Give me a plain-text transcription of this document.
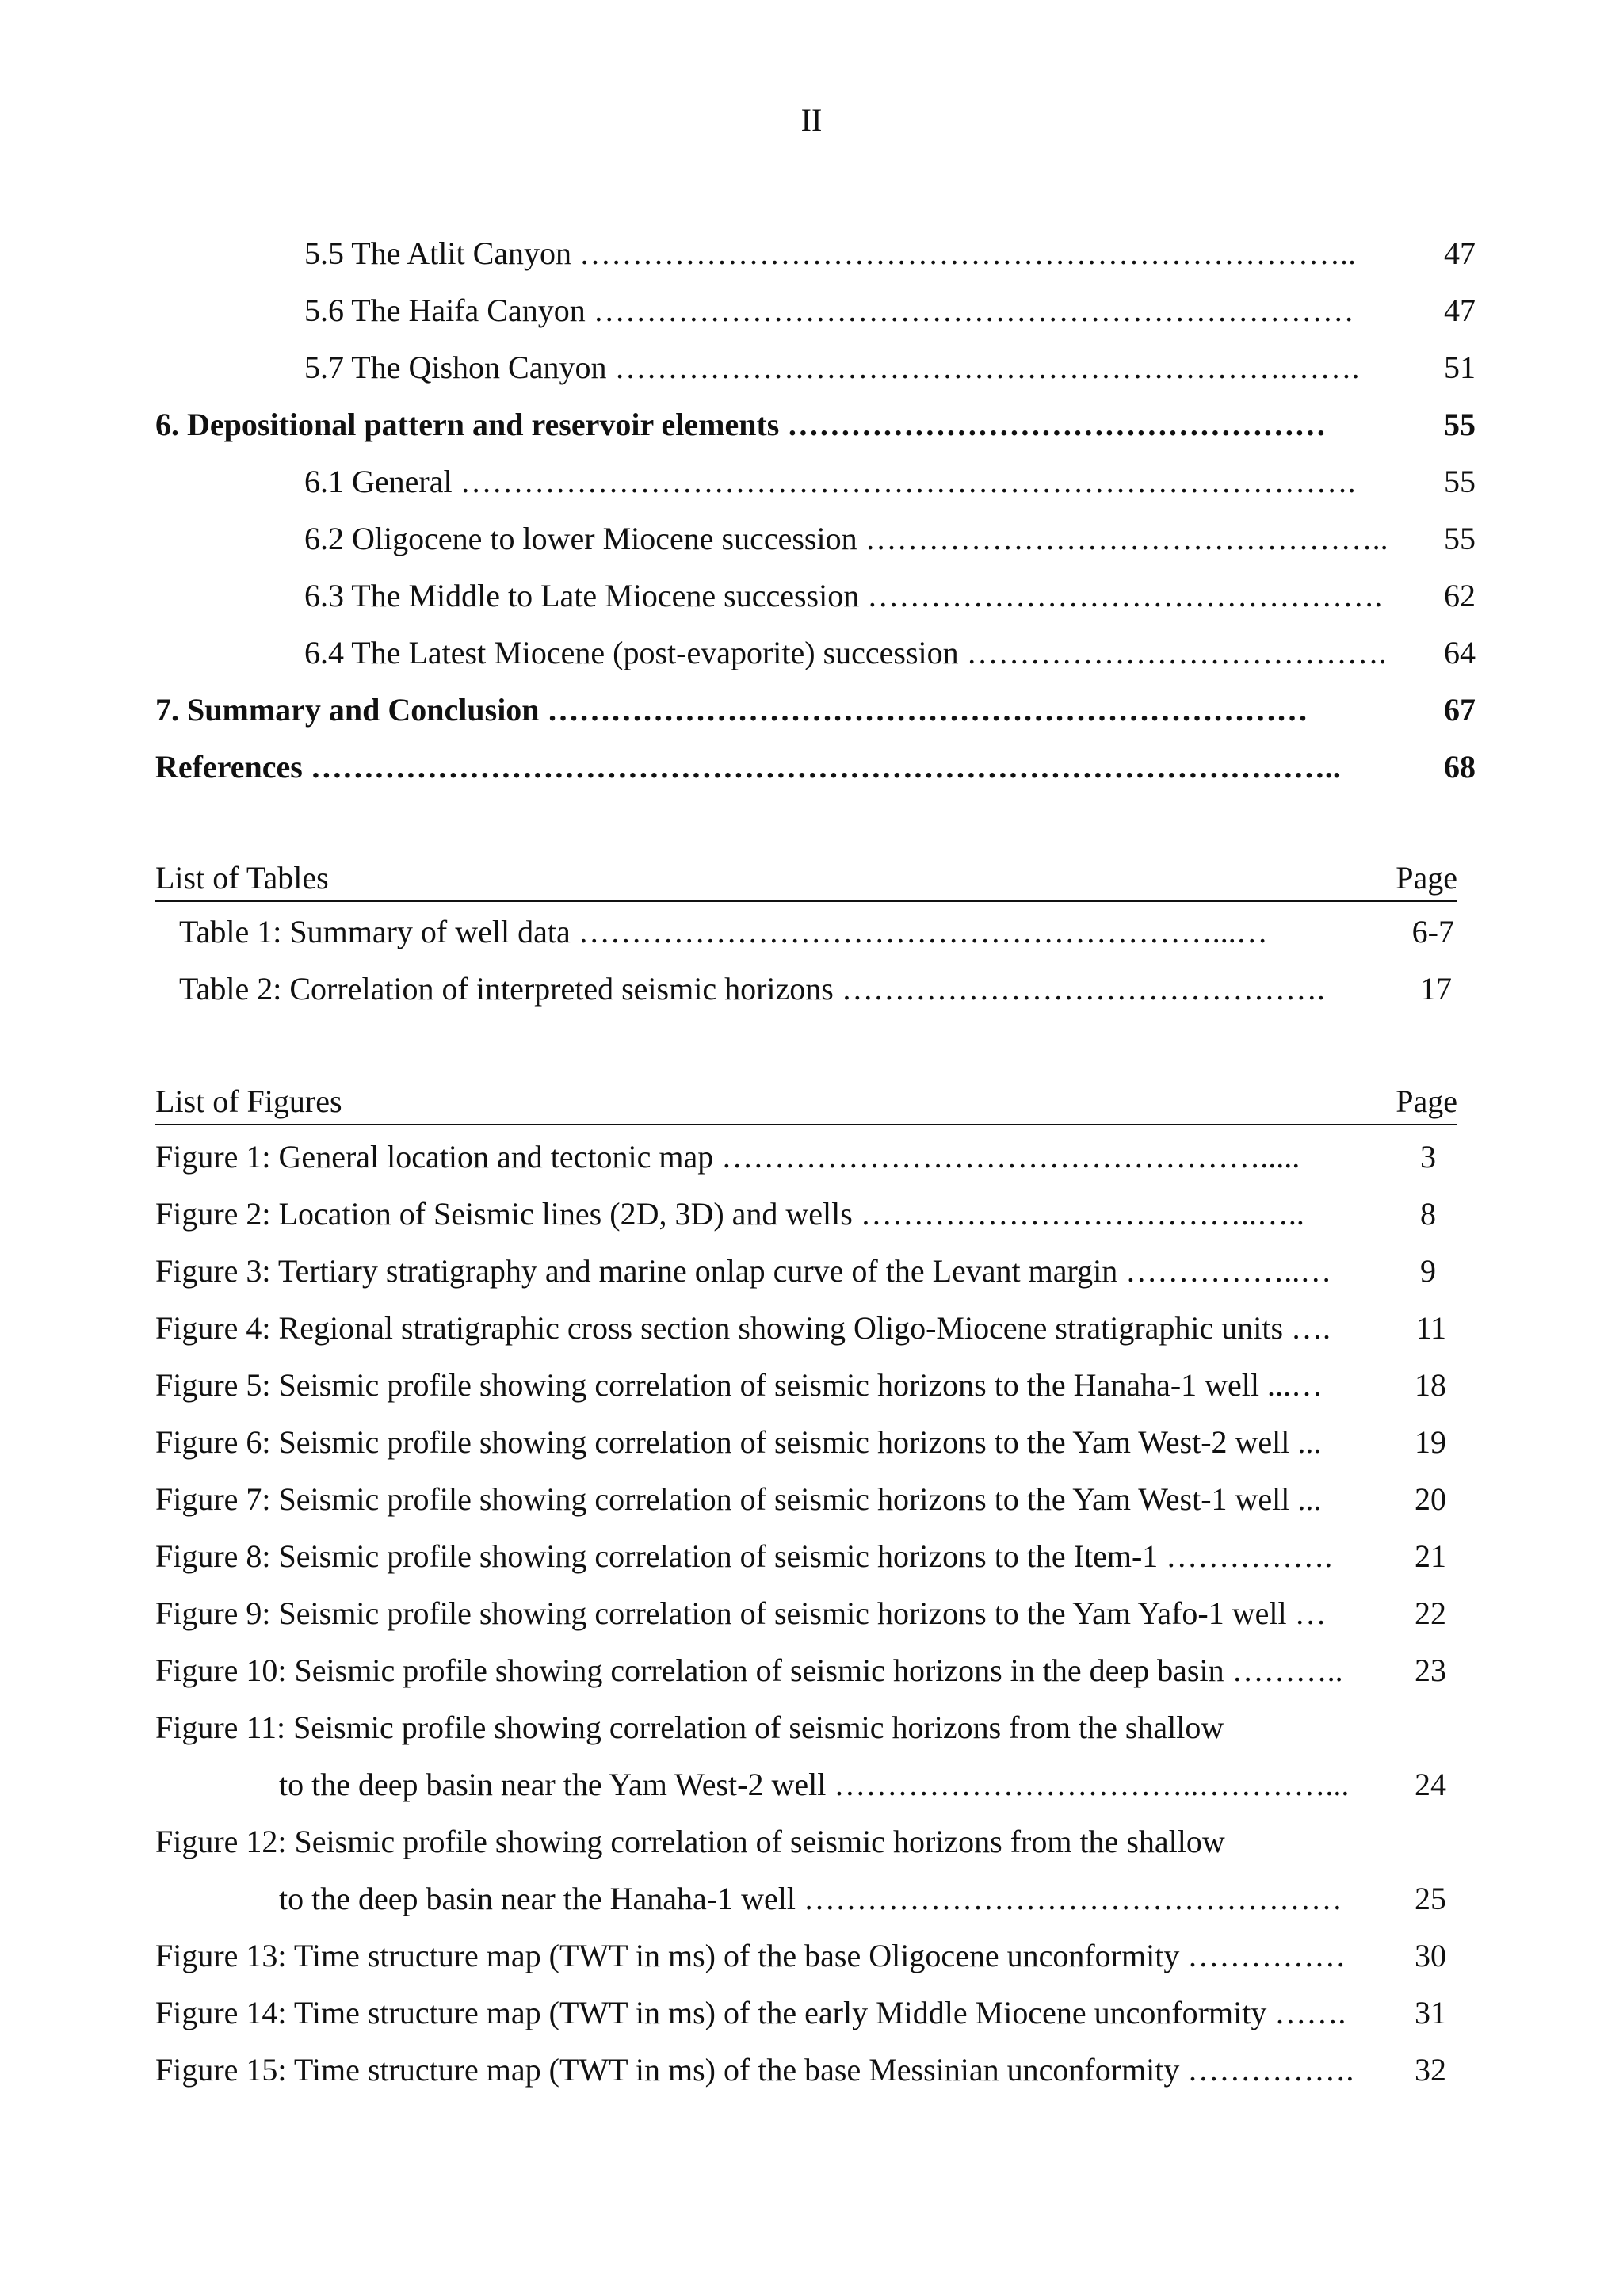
II
5.5 The Atlit Canyon ………………………………………………………………..	47
5.6 The Haifa Canyon ………………………………………………………………	47
5.7 The Qishon Canyon ……………………………………………………….……. 51
6. Depositional pattern and reservoir elements ……………………………………………	55
6.1 General ………………………………………………………………………….	55
6.2 Oligocene to lower Miocene succession ………………………………………….. 55
6.3 The Middle to Late Miocene succession …………………………………………. 62
6.4 The Latest Miocene (post-evaporite) succession …………………………………. 64
7. Summary and Conclusion ………………………………………………………………	67
References ……………………………………………………………………………………..	68
List of Tables	Page
Table 1: Summary of well data ……………………………………………………...…	6-7
Table 2: Correlation of interpreted seismic horizons ……………………………………….	17
List of Figures	Page
Figure 1: General location and tectonic map …………………………………………….....	3
Figure 2: Location of Seismic lines (2D, 3D) and wells ………………………………..…..	8
Figure 3: Tertiary stratigraphy and marine onlap curve of the Levant margin ……………..…	9
Figure 4: Regional stratigraphic cross section showing Oligo-Miocene stratigraphic units ….	11
Figure 5: Seismic profile showing correlation of seismic horizons to the Hanaha-1 well ...…	18
Figure 6: Seismic profile showing correlation of seismic horizons to the Yam West-2 well ...	19
Figure 7: Seismic profile showing correlation of seismic horizons to the Yam West-1 well ...	20
Figure 8: Seismic profile showing correlation of seismic horizons to the Item-1 …………….	21
Figure 9: Seismic profile showing correlation of seismic horizons to the Yam Yafo-1 well …	22
Figure 10: Seismic profile showing correlation of seismic horizons in the deep basin ……….. 23
Figure 11: Seismic profile showing correlation of seismic horizons from the shallow
to the deep basin near the Yam West-2 well ……………………………..…………... 24
Figure 12: Seismic profile showing correlation of seismic horizons from the shallow
to the deep basin near the Hanaha-1 well …………………………………………… 25
Figure 13: Time structure map (TWT in ms) of the base Oligocene unconformity …………… 30
Figure 14: Time structure map (TWT in ms) of the early Middle Miocene unconformity ……. 31
Figure 15: Time structure map (TWT in ms) of the base Messinian unconformity ……………. 32
